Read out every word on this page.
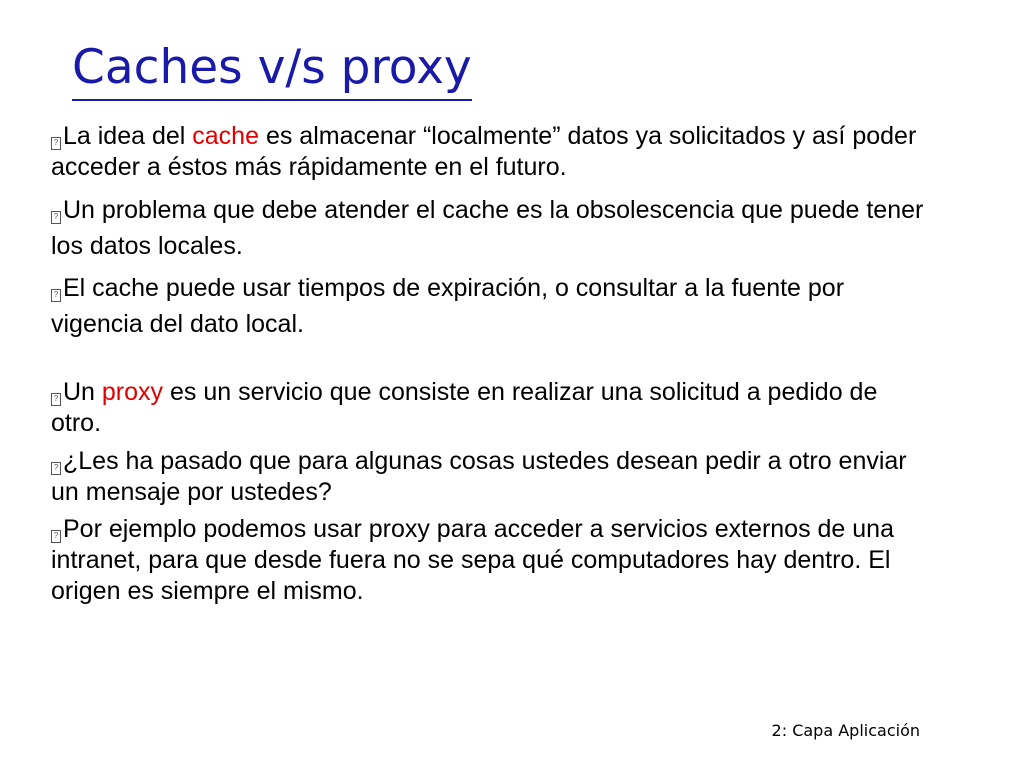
Caches v/s proxy

? La idea del cache es almacenar “localmente” datos ya solicitados y así poder acceder a éstos más rápidamente en el futuro.

? Un problema que debe atender el cache es la obsolescencia que puede tener los datos locales.

? El cache puede usar tiempos de expiración, o consultar a la fuente por vigencia del dato local.

? Un proxy es un servicio que consiste en realizar una solicitud a pedido de otro.

? ¿Les ha pasado que para algunas cosas ustedes desean pedir a otro enviar un mensaje por ustedes?

? Por ejemplo podemos usar proxy para acceder a servicios externos de una intranet, para que desde fuera no se sepa qué computadores hay dentro. El origen es siempre el mismo.

2: Capa Aplicación
